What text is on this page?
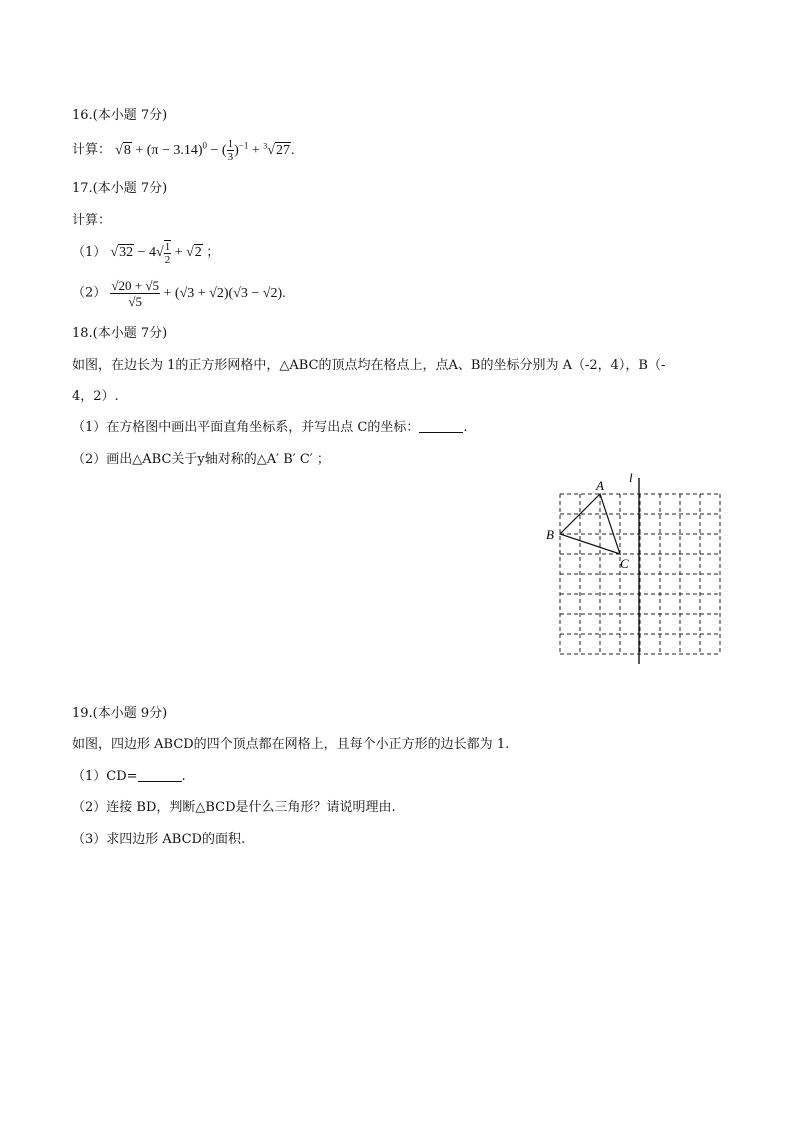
16.(本小题 7分)
计算： $√8 + (\pi - 3.14)^0$ − ( $\frac{1}{3} )^{-1} + ^3√27$.
17.(本小题 7分)
计算：
（1） $√32 - 4√ \frac{1}{2} + √2$ ；
$(2) \frac{√20 + √5}{√5} + (√3 + √2)(√3 - √2)$.
18.(本小题 7分)
如图，在边长为 1的正方形网格中，△ABC的顶点均在格点上，点A、B的坐标分别为 A（-2，4），B（-
4，2）.
（1）在方格图中画出平面直角坐标系，并写出点 C的坐标：	.
（2）画出△ABC关于y轴对称的△A′ B′ C′ ；
A
B
C
l
19.(本小题 9分)
如图，四边形 ABCD的四个顶点都在网格上，且每个小正方形的边长都为 1.
（1）CD=	.
（2）连接 BD，判断△BCD是什么三角形？请说明理由.
（3）求四边形 ABCD的面积.
